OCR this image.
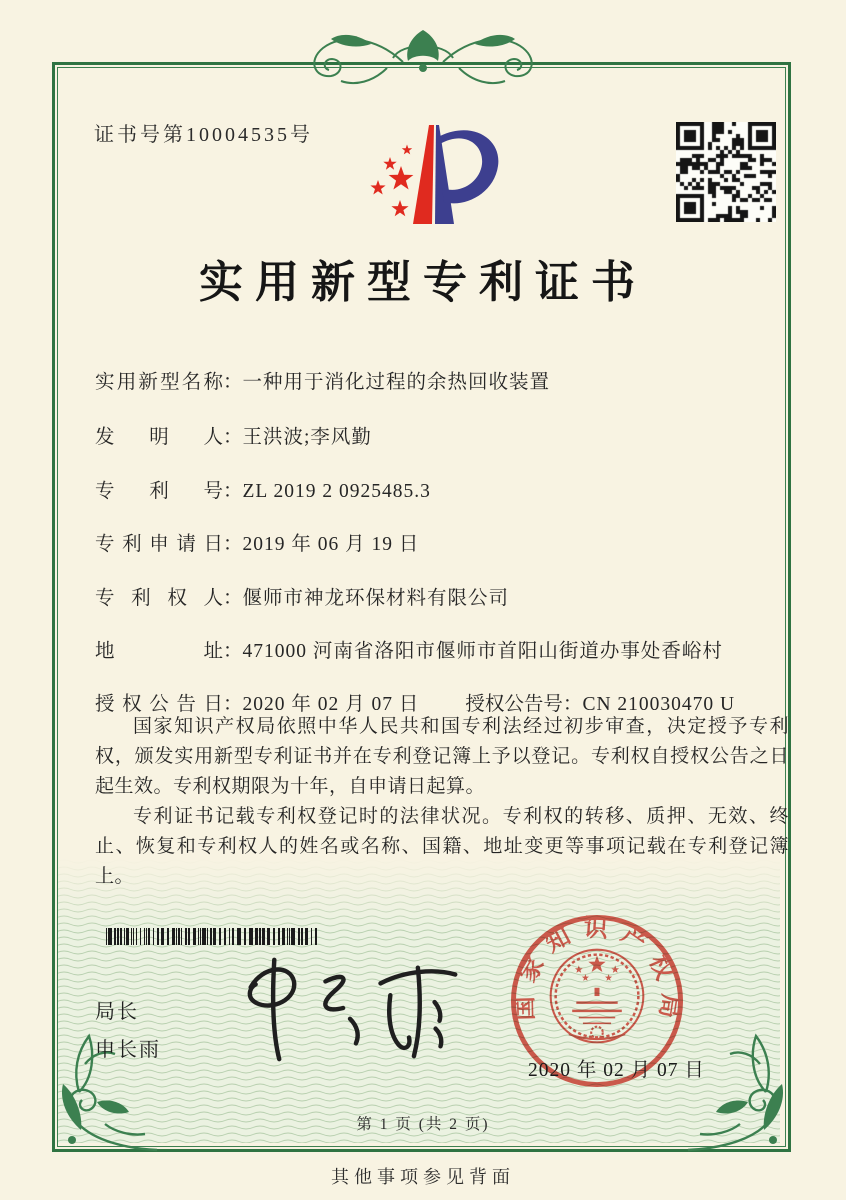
证书号第10004535号
实用新型专利证书
实用新型名称：一种用于消化过程的余热回收装置
发明人：王洪波;李风勤
专利号：ZL 2019 2 0925485.3
专利申请日：2019 年 06 月 19 日
专利权人：偃师市神龙环保材料有限公司
地址：471000 河南省洛阳市偃师市首阳山街道办事处香峪村
授权公告日：2020 年 02 月 07 日 授权公告号：CN 210030470 U

国家知识产权局依照中华人民共和国专利法经过初步审查，决定授予专利权，颁发实用新型专利证书并在专利登记簿上予以登记。专利权自授权公告之日起生效。专利权期限为十年，自申请日起算。

专利证书记载专利权登记时的法律状况。专利权的转移、质押、无效、终止、恢复和专利权人的姓名或名称、国籍、地址变更等事项记载在专利登记簿上。

局长
申长雨
国家知识产权局
2020 年 02 月 07 日
第 1 页 (共 2 页)
其他事项参见背面
